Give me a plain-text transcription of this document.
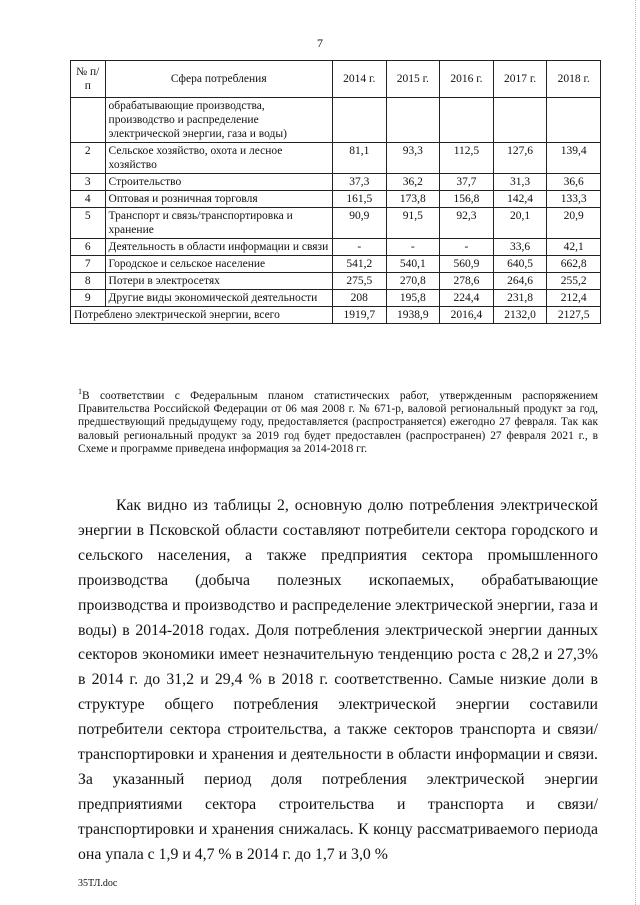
7
№ п/п	Сфера потребления	2014 г.	2015 г.	2016 г.	2017 г.	2018 г.
	обрабатывающие производства, производство и распределение электрической энергии, газа и воды)					
2	Сельское хозяйство, охота и лесное хозяйство	81,1	93,3	112,5	127,6	139,4
3	Строительство	37,3	36,2	37,7	31,3	36,6
4	Оптовая и розничная торговля	161,5	173,8	156,8	142,4	133,3
5	Транспорт и связь/транспортировка и хранение	90,9	91,5	92,3	20,1	20,9
6	Деятельность в области информации и связи	-	-	-	33,6	42,1
7	Городское и сельское население	541,2	540,1	560,9	640,5	662,8
8	Потери в электросетях	275,5	270,8	278,6	264,6	255,2
9	Другие виды экономической деятельности	208	195,8	224,4	231,8	212,4
Потреблено электрической энергии, всего		1919,7	1938,9	2016,4	2132,0	2127,5
$^1$В соответствии с Федеральным планом статистических работ, утвержденным распоряжением Правительства Российской Федерации от 06 мая 2008 г. № 671-р, валовой региональный продукт за год, предшествующий предыдущему году, предоставляется (распространяется) ежегодно 27 февраля. Так как валовый региональный продукт за 2019 год будет предоставлен (распространен) 27 февраля 2021 г., в Схеме и программе приведена информация за 2014-2018 гг.

Как видно из таблицы 2, основную долю потребления электрической энергии в Псковской области составляют потребители сектора городского и сельского населения, а также предприятия сектора промышленного производства (добыча полезных ископаемых, обрабатывающие производства и производство и распределение электрической энергии, газа и воды) в 2014-2018 годах. Доля потребления электрической энергии данных секторов экономики имеет незначительную тенденцию роста с 28,2 и 27,3% в 2014 г. до 31,2 и 29,4 % в 2018 г. соответственно. Самые низкие доли в структуре общего потребления электрической энергии составили потребители сектора строительства, а также секторов транспорта и связи/транспортировки и хранения и деятельности в области информации и связи. За указанный период доля потребления электрической энергии предприятиями сектора строительства и транспорта и связи/транспортировки и хранения снижалась. К концу рассматриваемого периода она упала с 1,9 и 4,7 % в 2014 г. до 1,7 и 3,0 %

35ТЛ.doc
